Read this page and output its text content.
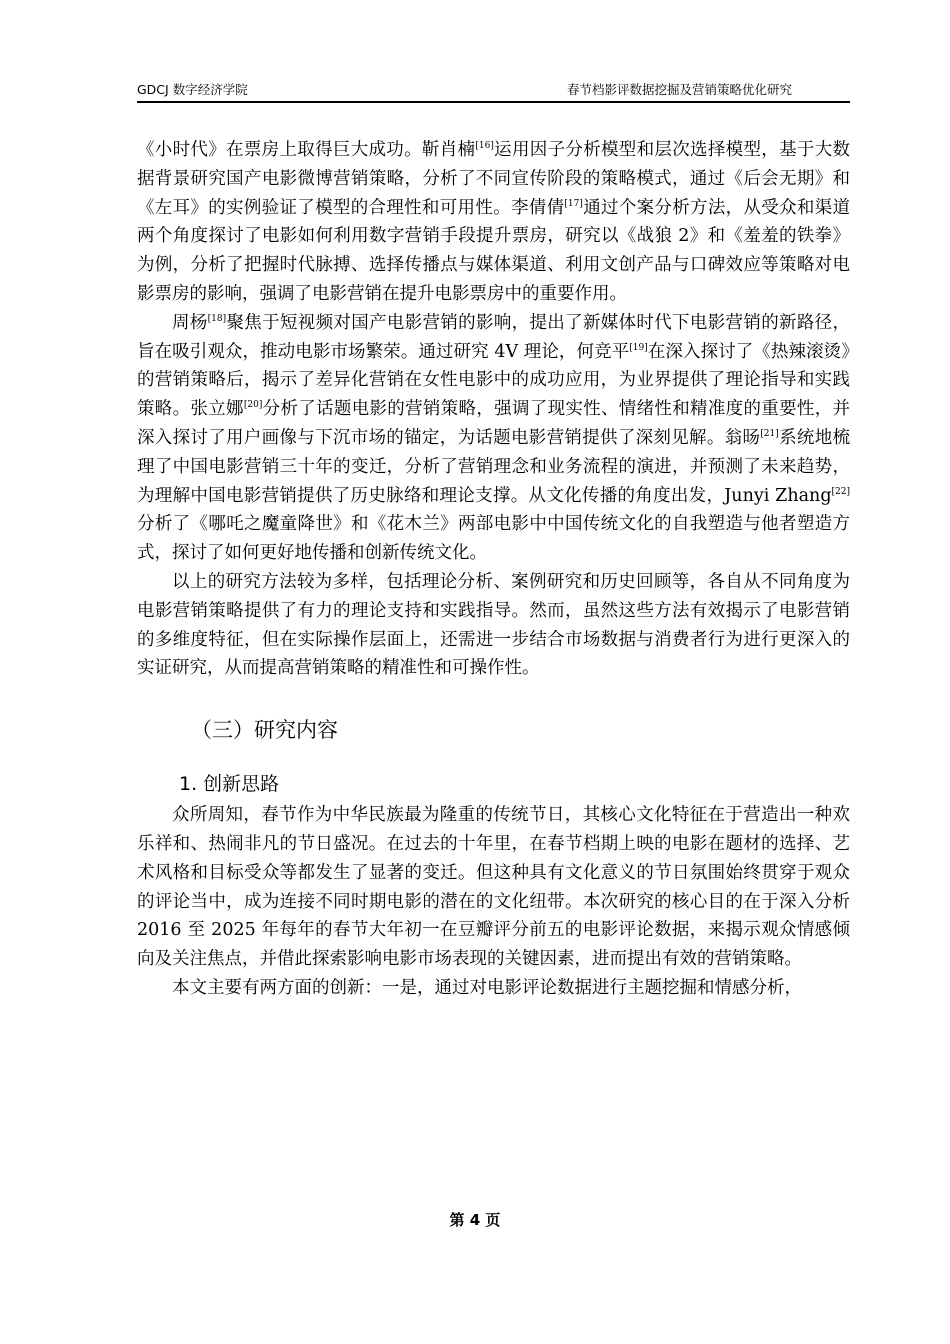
GDCJ 数字经济学院	春节档影评数据挖掘及营销策略优化研究

《小时代》在票房上取得巨大成功。靳肖楠[16]运用因子分析模型和层次选择模型，基于大数据背景研究国产电影微博营销策略，分析了不同宣传阶段的策略模式，通过《后会无期》和《左耳》的实例验证了模型的合理性和可用性。李倩倩[17]通过个案分析方法，从受众和渠道两个角度探讨了电影如何利用数字营销手段提升票房，研究以《战狼 2》和《羞羞的铁拳》为例，分析了把握时代脉搏、选择传播点与媒体渠道、利用文创产品与口碑效应等策略对电影票房的影响，强调了电影营销在提升电影票房中的重要作用。

周杨[18]聚焦于短视频对国产电影营销的影响，提出了新媒体时代下电影营销的新路径，旨在吸引观众，推动电影市场繁荣。通过研究 4V 理论，何竞平[19]在深入探讨了《热辣滚烫》的营销策略后，揭示了差异化营销在女性电影中的成功应用，为业界提供了理论指导和实践策略。张立娜[20]分析了话题电影的营销策略，强调了现实性、情绪性和精准度的重要性，并深入探讨了用户画像与下沉市场的锚定，为话题电影营销提供了深刻见解。翁旸[21]系统地梳理了中国电影营销三十年的变迁，分析了营销理念和业务流程的演进，并预测了未来趋势，为理解中国电影营销提供了历史脉络和理论支撑。从文化传播的角度出发，Junyi Zhang[22]分析了《哪吒之魔童降世》和《花木兰》两部电影中中国传统文化的自我塑造与他者塑造方式，探讨了如何更好地传播和创新传统文化。

以上的研究方法较为多样，包括理论分析、案例研究和历史回顾等，各自从不同角度为电影营销策略提供了有力的理论支持和实践指导。然而，虽然这些方法有效揭示了电影营销的多维度特征，但在实际操作层面上，还需进一步结合市场数据与消费者行为进行更深入的实证研究，从而提高营销策略的精准性和可操作性。

（三）研究内容
1. 创新思路

众所周知，春节作为中华民族最为隆重的传统节日，其核心文化特征在于营造出一种欢乐祥和、热闹非凡的节日盛况。在过去的十年里，在春节档期上映的电影在题材的选择、艺术风格和目标受众等都发生了显著的变迁。但这种具有文化意义的节日氛围始终贯穿于观众的评论当中，成为连接不同时期电影的潜在的文化纽带。本次研究的核心目的在于深入分析 2016 至 2025 年每年的春节大年初一在豆瓣评分前五的电影评论数据，来揭示观众情感倾向及关注焦点，并借此探索影响电影市场表现的关键因素，进而提出有效的营销策略。

本文主要有两方面的创新：一是，通过对电影评论数据进行主题挖掘和情感分析，

第 4 页
